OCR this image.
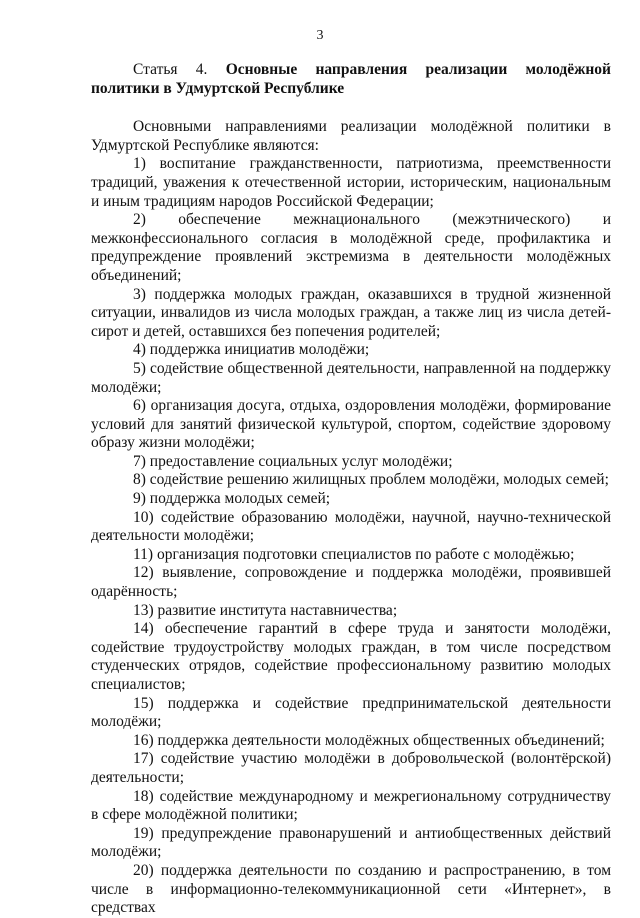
3

Статья 4. Основные направления реализации молодёжной политики в Удмуртской Республике

Основными направлениями реализации молодёжной политики в Удмуртской Республике являются:

1) воспитание гражданственности, патриотизма, преемственности традиций, уважения к отечественной истории, историческим, национальным и иным традициям народов Российской Федерации;

2) обеспечение межнационального (межэтнического) и межконфессионального согласия в молодёжной среде, профилактика и предупреждение проявлений экстремизма в деятельности молодёжных объединений;

3) поддержка молодых граждан, оказавшихся в трудной жизненной ситуации, инвалидов из числа молодых граждан, а также лиц из числа детей-сирот и детей, оставшихся без попечения родителей;

4) поддержка инициатив молодёжи;

5) содействие общественной деятельности, направленной на поддержку молодёжи;

6) организация досуга, отдыха, оздоровления молодёжи, формирование условий для занятий физической культурой, спортом, содействие здоровому образу жизни молодёжи;

7) предоставление социальных услуг молодёжи;

8) содействие решению жилищных проблем молодёжи, молодых семей;

9) поддержка молодых семей;

10) содействие образованию молодёжи, научной, научно-технической деятельности молодёжи;

11) организация подготовки специалистов по работе с молодёжью;

12) выявление, сопровождение и поддержка молодёжи, проявившей одарённость;

13) развитие института наставничества;

14) обеспечение гарантий в сфере труда и занятости молодёжи, содействие трудоустройству молодых граждан, в том числе посредством студенческих отрядов, содействие профессиональному развитию молодых специалистов;

15) поддержка и содействие предпринимательской деятельности молодёжи;

16) поддержка деятельности молодёжных общественных объединений;

17) содействие участию молодёжи в добровольческой (волонтёрской) деятельности;

18) содействие международному и межрегиональному сотрудничеству в сфере молодёжной политики;

19) предупреждение правонарушений и антиобщественных действий молодёжи;

20) поддержка деятельности по созданию и распространению, в том числе в информационно-телекоммуникационной сети «Интернет», в средствах
